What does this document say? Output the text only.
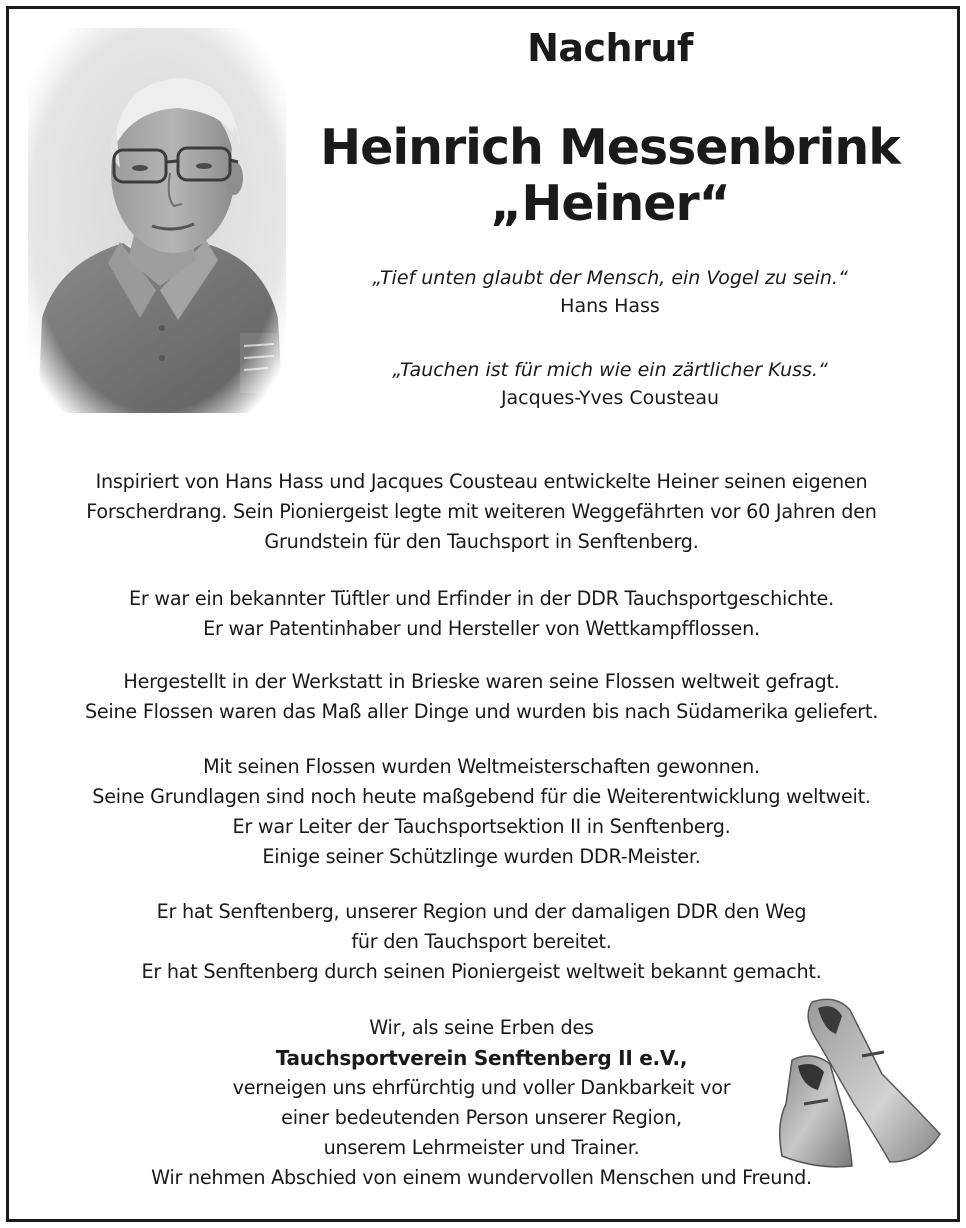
Nachruf
Heinrich Messenbrink
„Heiner“
„Tief unten glaubt der Mensch, ein Vogel zu sein.“
Hans Hass
„Tauchen ist für mich wie ein zärtlicher Kuss.“
Jacques-Yves Cousteau

Inspiriert von Hans Hass und Jacques Cousteau entwickelte Heiner seinen eigenen

Forscherdrang. Sein Pioniergeist legte mit weiteren Weggefährten vor 60 Jahren den

Grundstein für den Tauchsport in Senftenberg.

Er war ein bekannter Tüftler und Erfinder in der DDR Tauchsportgeschichte.

Er war Patentinhaber und Hersteller von Wettkampfflossen.

Hergestellt in der Werkstatt in Brieske waren seine Flossen weltweit gefragt.

Seine Flossen waren das Maß aller Dinge und wurden bis nach Südamerika geliefert.

Mit seinen Flossen wurden Weltmeisterschaften gewonnen.

Seine Grundlagen sind noch heute maßgebend für die Weiterentwicklung weltweit.

Er war Leiter der Tauchsportsektion II in Senftenberg.

Einige seiner Schützlinge wurden DDR-Meister.

Er hat Senftenberg, unserer Region und der damaligen DDR den Weg

für den Tauchsport bereitet.

Er hat Senftenberg durch seinen Pioniergeist weltweit bekannt gemacht.

Wir, als seine Erben des

Tauchsportverein Senftenberg II e.V.,

verneigen uns ehrfürchtig und voller Dankbarkeit vor

einer bedeutenden Person unserer Region,

unserem Lehrmeister und Trainer.

Wir nehmen Abschied von einem wundervollen Menschen und Freund.
